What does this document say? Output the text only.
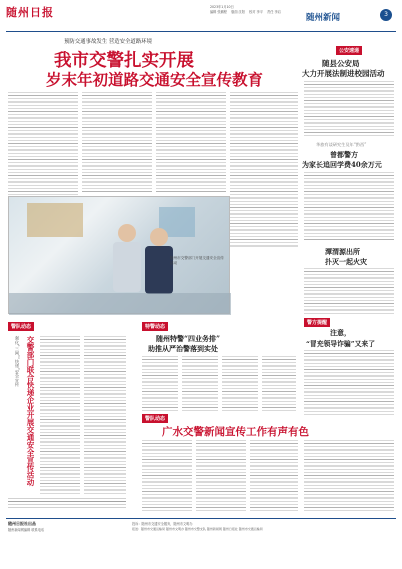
随州日报	2023年1月10日
编辑 张鹏程 　版面 沈阳 　校对 李平 　责任 李启
随州新闻	3
预防交通事故发生 营造安全道路环境
我市交警扎实开展
岁末年初道路交通安全宣传教育
随州市交警部门开展交通安全宣传活动
公安速递
随县公安局
大力开展法制进校园活动
华旅有谈研究生及年“黔西”
曾都警方
为家长追回学费40余万元
潭渭源出所
扑灭一起火灾
警队动态
强化“三网”“快递”安全宣传 交警部门联合快递企业开展交通安全宣传活动
特警动态
随州特警“四业务排”
助推从严治警落到实处
警队动态
警方提醒
注意，
“冒充领导诈骗”又来了
广水交警新闻宣传工作有声有色
随州日报社出品
随州新闻网编辑 联系电话
投诉：随州市交通安全服务，随州市文明办
报送：随州市交通运输局 随州市文明办 随州市交警支队 随州新闻网 随州日报社 随州市交通运输局
